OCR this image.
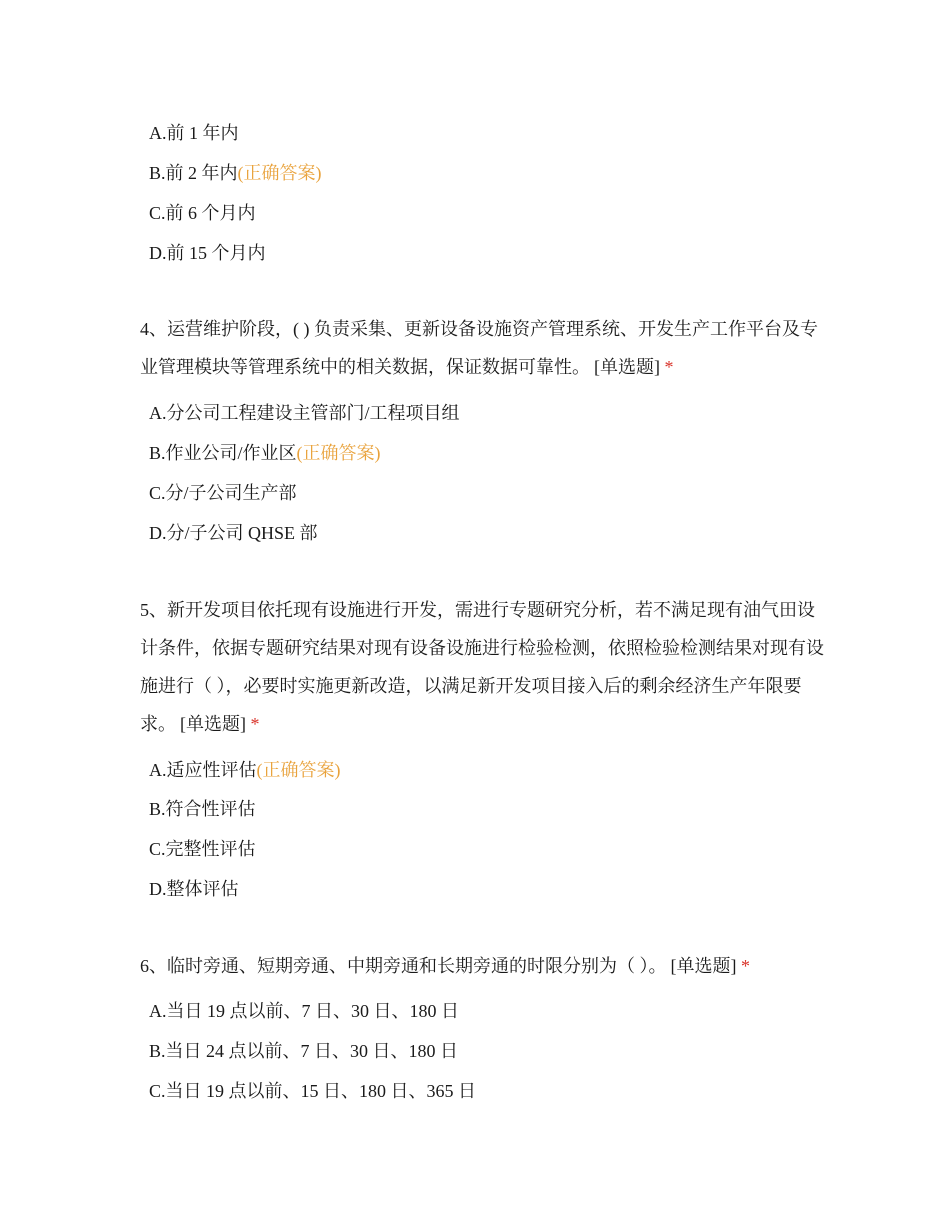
A.前 1 年内
B.前 2 年内(正确答案)
C.前 6 个月内
D.前 15 个月内
4、运营维护阶段，( ) 负责采集、更新设备设施资产管理系统、开发生产工作平台及专业管理模块等管理系统中的相关数据，保证数据可靠性。 [单选题] *
A.分公司工程建设主管部门/工程项目组
B.作业公司/作业区(正确答案)
C.分/子公司生产部
D.分/子公司 QHSE 部
5、新开发项目依托现有设施进行开发，需进行专题研究分析，若不满足现有油气田设计条件，依据专题研究结果对现有设备设施进行检验检测，依照检验检测结果对现有设施进行（ ），必要时实施更新改造，以满足新开发项目接入后的剩余经济生产年限要求。 [单选题] *
A.适应性评估(正确答案)
B.符合性评估
C.完整性评估
D.整体评估
6、临时旁通、短期旁通、中期旁通和长期旁通的时限分别为（ ）。 [单选题] *
A.当日 19 点以前、7 日、30 日、180 日
B.当日 24 点以前、7 日、30 日、180 日
C.当日 19 点以前、15 日、180 日、365 日
